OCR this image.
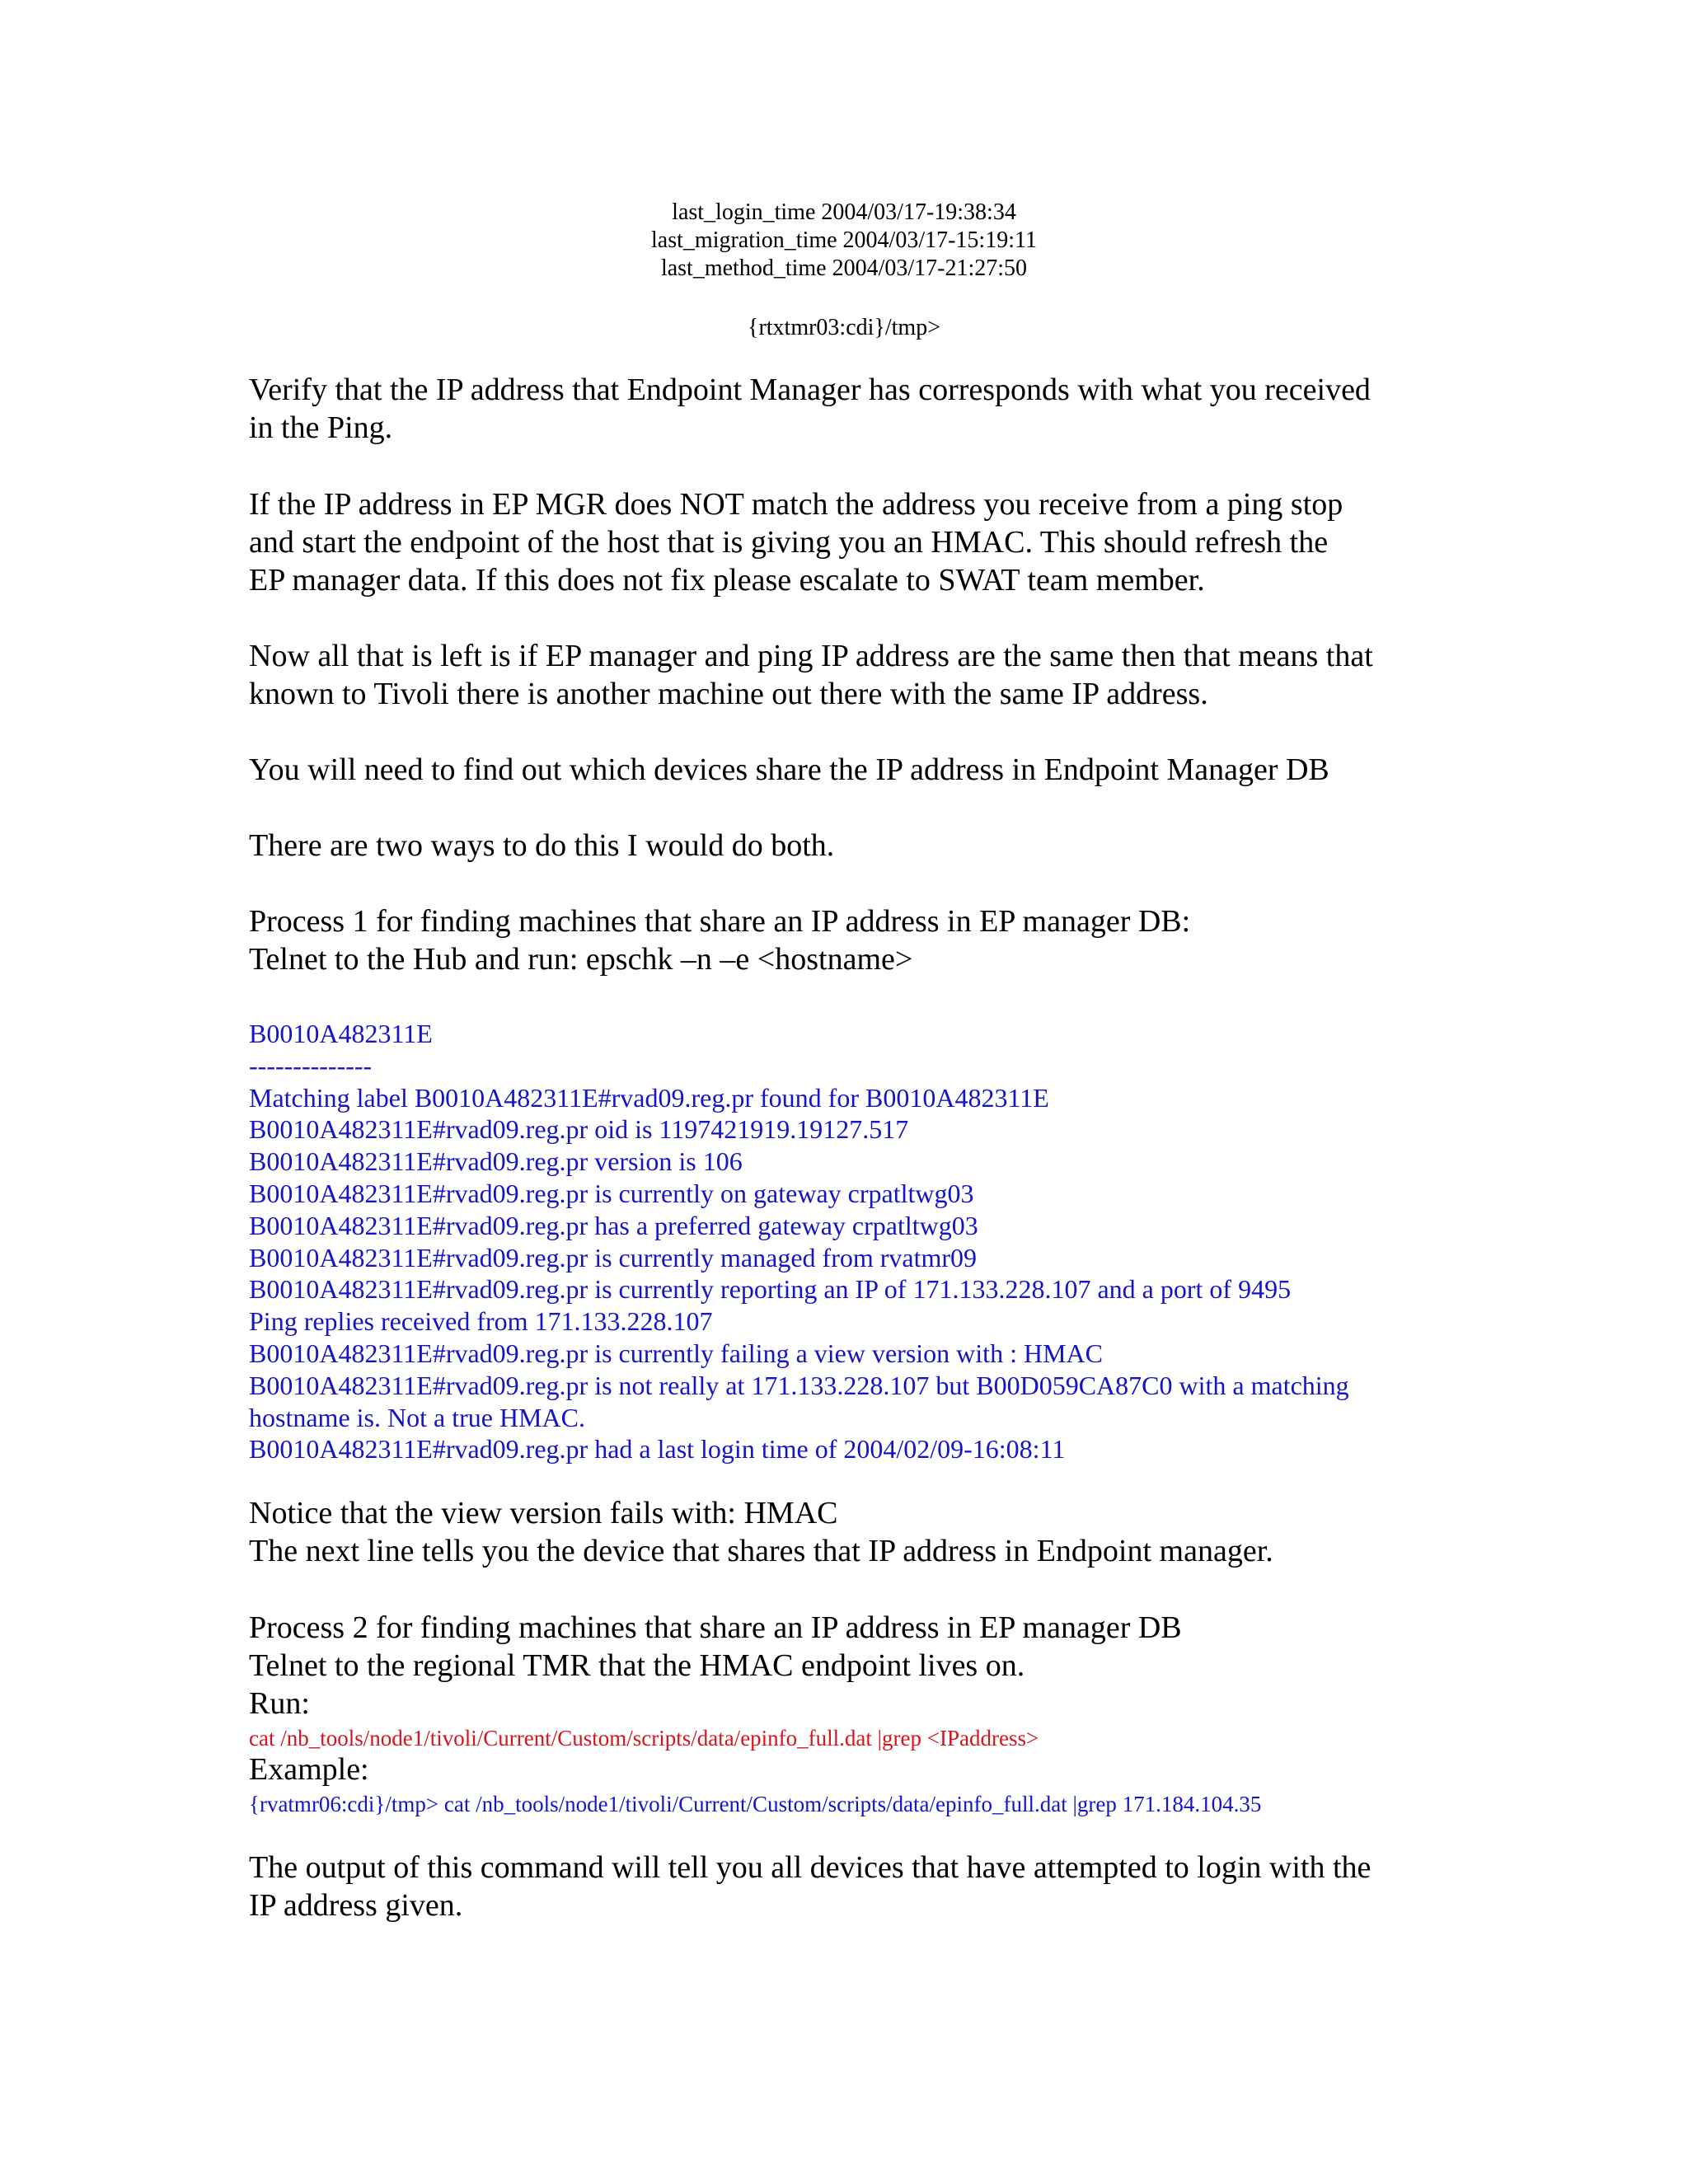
last_login_time 2004/03/17-19:38:34
last_migration_time 2004/03/17-15:19:11
last_method_time 2004/03/17-21:27:50
{rtxtmr03:cdi}/tmp>
Verify that the IP address that Endpoint Manager has corresponds with what you received
in the Ping.
If the IP address in EP MGR does NOT match the address you receive from a ping stop
and start the endpoint of the host that is giving you an HMAC. This should refresh the
EP manager data. If this does not fix please escalate to SWAT team member.
Now all that is left is if EP manager and ping IP address are the same then that means that
known to Tivoli there is another machine out there with the same IP address.
You will need to find out which devices share the IP address in Endpoint Manager DB
There are two ways to do this I would do both.
Process 1 for finding machines that share an IP address in EP manager DB:
Telnet to the Hub and run: epschk –n –e <hostname>
B0010A482311E
--------------
Matching label B0010A482311E#rvad09.reg.pr found for B0010A482311E
B0010A482311E#rvad09.reg.pr oid is 1197421919.19127.517
B0010A482311E#rvad09.reg.pr version is 106
B0010A482311E#rvad09.reg.pr is currently on gateway crpatltwg03
B0010A482311E#rvad09.reg.pr has a preferred gateway crpatltwg03
B0010A482311E#rvad09.reg.pr is currently managed from rvatmr09
B0010A482311E#rvad09.reg.pr is currently reporting an IP of 171.133.228.107 and a port of 9495
Ping replies received from 171.133.228.107
B0010A482311E#rvad09.reg.pr is currently failing a view version with : HMAC
B0010A482311E#rvad09.reg.pr is not really at 171.133.228.107 but B00D059CA87C0 with a matching
hostname is. Not a true HMAC.
B0010A482311E#rvad09.reg.pr had a last login time of 2004/02/09-16:08:11
Notice that the view version fails with: HMAC
The next line tells you the device that shares that IP address in Endpoint manager.
Process 2 for finding machines that share an IP address in EP manager DB
Telnet to the regional TMR that the HMAC endpoint lives on.
Run:
cat /nb_tools/node1/tivoli/Current/Custom/scripts/data/epinfo_full.dat |grep <IPaddress>
Example:
{rvatmr06:cdi}/tmp> cat /nb_tools/node1/tivoli/Current/Custom/scripts/data/epinfo_full.dat |grep 171.184.104.35
The output of this command will tell you all devices that have attempted to login with the
IP address given.
